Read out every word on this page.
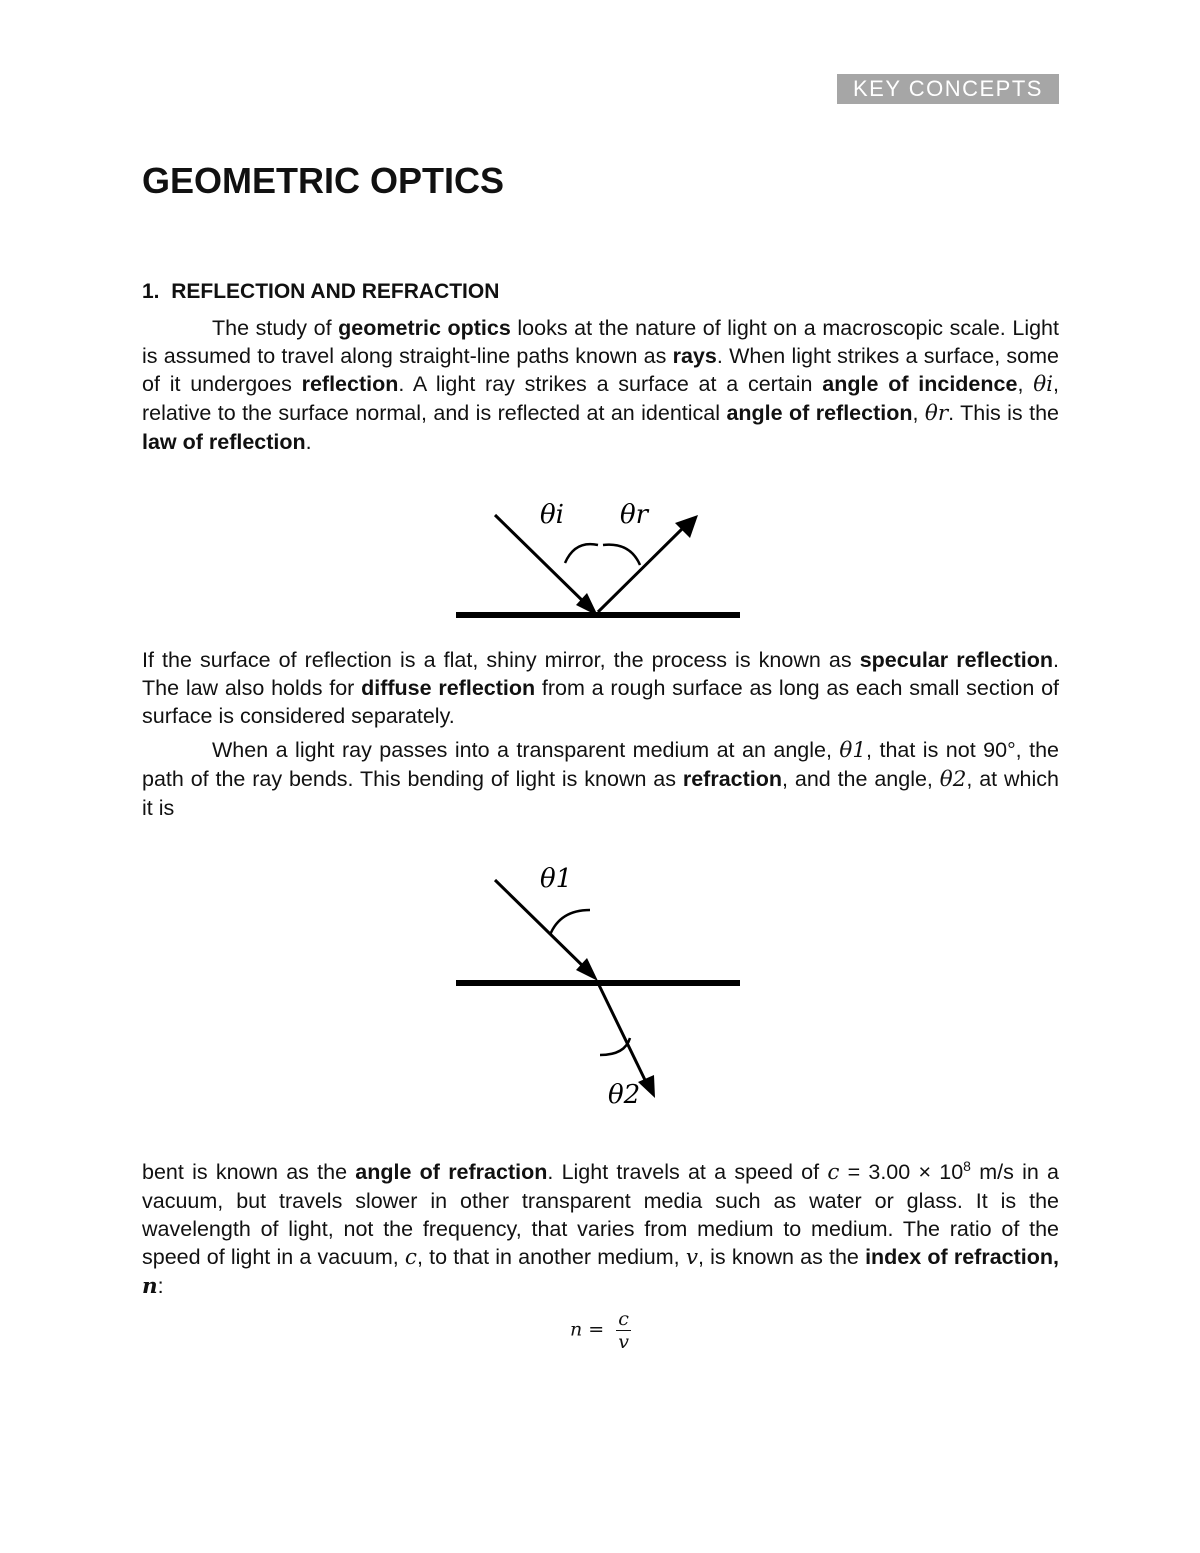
KEY CONCEPTS
GEOMETRIC OPTICS
1. REFLECTION AND REFRACTION

The study of geometric optics looks at the nature of light on a macroscopic scale. Light is assumed to travel along straight-line paths known as rays. When light strikes a surface, some of it undergoes reflection. A light ray strikes a surface at a certain angle of incidence, θi, relative to the surface normal, and is reflected at an identical angle of reflection, θr. This is the law of reflection.

θi θr

If the surface of reflection is a flat, shiny mirror, the process is known as specular reflection. The law also holds for diffuse reflection from a rough surface as long as each small section of surface is considered separately.

When a light ray passes into a transparent medium at an angle, θ1, that is not 90°, the path of the ray bends. This bending of light is known as refraction, and the angle, θ2, at which it is

θ1
θ2

bent is known as the angle of refraction. Light travels at a speed of $c = 3.00 \times 10^8$ m/s in a vacuum, but travels slower in other transparent media such as water or glass. It is the wavelength of light, not the frequency, that varies from medium to medium. The ratio of the speed of light in a vacuum, c, to that in another medium, v, is known as the index of refraction, n:

$n = \frac{c}{v}$
